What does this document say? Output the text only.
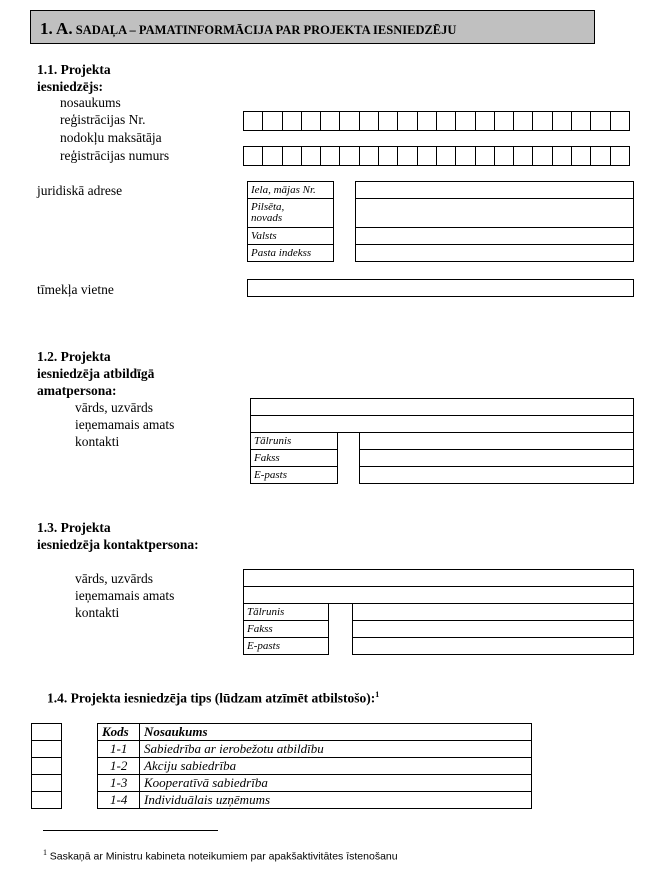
1. A. SADAĻA – PAMATINFORMĀCIJA PAR PROJEKTA IESNIEDZĒJU
1.1. Projekta
iesniedzējs:
nosaukums
reģistrācijas Nr.
nodokļu maksātāja
reģistrācijas numurs
juridiskā adrese	Iela, mājas Nr.
Pilsēta, novads
Valsts
Pasta indekss
tīmekļa vietne
1.2. Projekta
iesniedzēja atbildīgā
amatpersona:
vārds, uzvārds
ieņemamais amats
kontakti	Tālrunis
Fakss
E-pasts
1.3. Projekta
iesniedzēja kontaktpersona:
vārds, uzvārds
ieņemamais amats
kontakti	Tālrunis
Fakss
E-pasts
1.4. Projekta iesniedzēja tips (lūdzam atzīmēt atbilstošo):$^1$
Kods	Nosaukums
1-1	Sabiedrība ar ierobežotu atbildību
1-2	Akciju sabiedrība
1-3	Kooperatīvā sabiedrība
1-4	Individuālais uzņēmums
$^1$ Saskaņā ar Ministru kabineta noteikumiem par apakšaktivitātes īstenošanu
